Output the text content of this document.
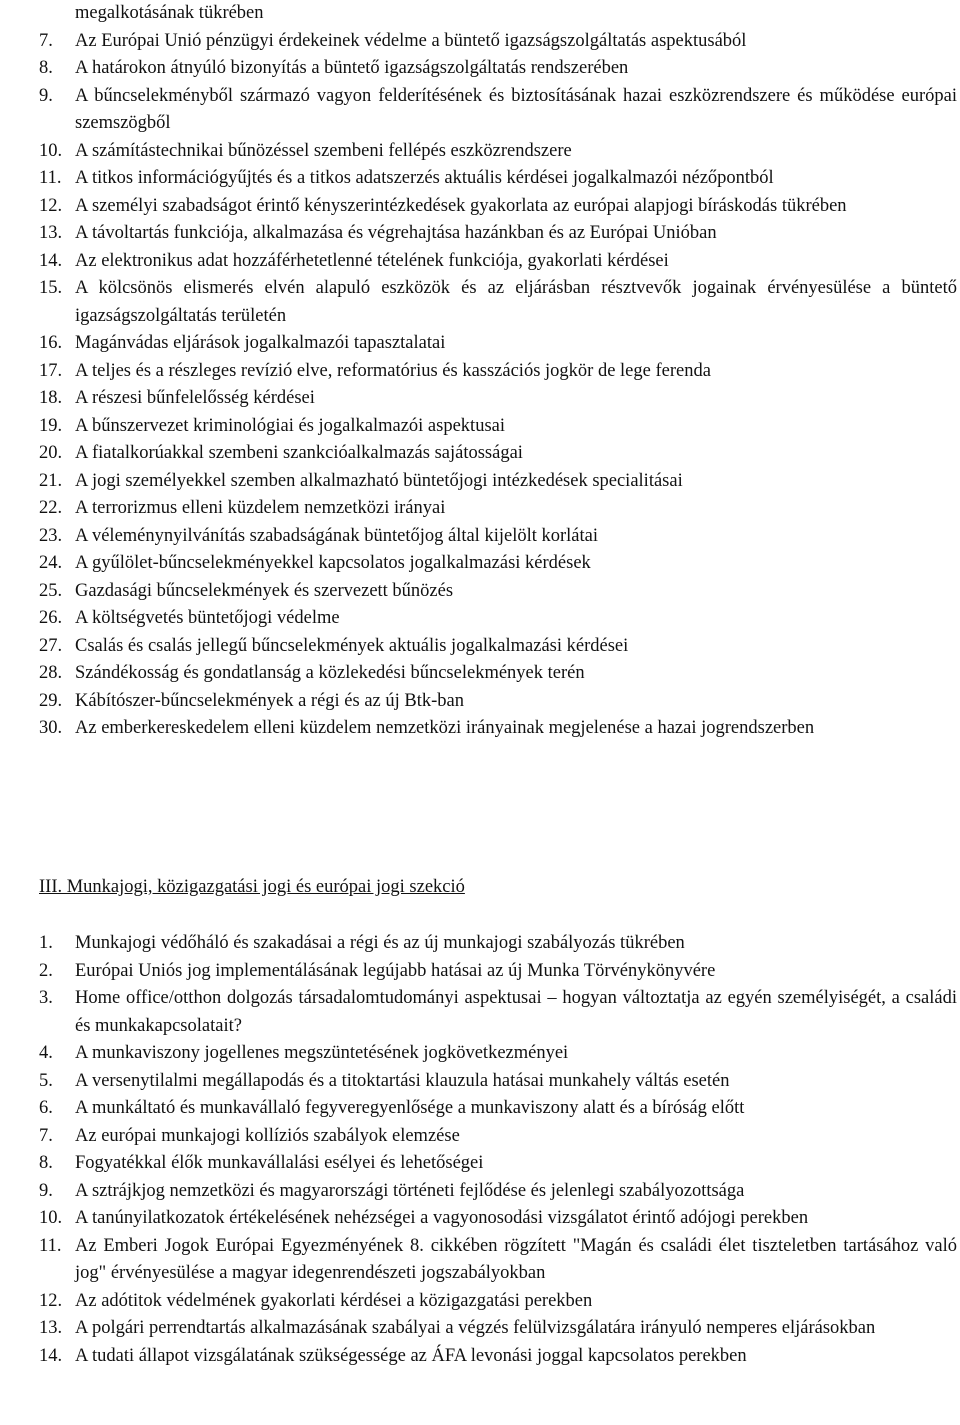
megalkotásának tükrében
7. Az Európai Unió pénzügyi érdekeinek védelme a büntető igazságszolgáltatás aspektusából
8. A határokon átnyúló bizonyítás a büntető igazságszolgáltatás rendszerében
9. A bűncselekményből származó vagyon felderítésének és biztosításának hazai eszközrendszere és működése európai szemszögből
10. A számítástechnikai bűnözéssel szembeni fellépés eszközrendszere
11. A titkos információgyűjtés és a titkos adatszerzés aktuális kérdései jogalkalmazói nézőpontból
12. A személyi szabadságot érintő kényszerintézkedések gyakorlata az európai alapjogi bíráskodás tükrében
13. A távoltartás funkciója, alkalmazása és végrehajtása hazánkban és az Európai Unióban
14. Az elektronikus adat hozzáférhetetlenné tételének funkciója, gyakorlati kérdései
15. A kölcsönös elismerés elvén alapuló eszközök és az eljárásban résztvevők jogainak érvényesülése a büntető igazságszolgáltatás területén
16. Magánvádas eljárások jogalkalmazói tapasztalatai
17. A teljes és a részleges revízió elve, reformatórius és kasszációs jogkör de lege ferenda
18. A részesi bűnfelelősség kérdései
19. A bűnszervezet kriminológiai és jogalkalmazói aspektusai
20. A fiatalkorúakkal szembeni szankcióalkalmazás sajátosságai
21. A jogi személyekkel szemben alkalmazható büntetőjogi intézkedések specialitásai
22. A terrorizmus elleni küzdelem nemzetközi irányai
23. A véleménynyilvánítás szabadságának büntetőjog által kijelölt korlátai
24. A gyűlölet-bűncselekményekkel kapcsolatos jogalkalmazási kérdések
25. Gazdasági bűncselekmények és szervezett bűnözés
26. A költségvetés büntetőjogi védelme
27. Csalás és csalás jellegű bűncselekmények aktuális jogalkalmazási kérdései
28. Szándékosság és gondatlanság a közlekedési bűncselekmények terén
29. Kábítószer-bűncselekmények a régi és az új Btk-ban
30. Az emberkereskedelem elleni küzdelem nemzetközi irányainak megjelenése a hazai jogrendszerben
III. Munkajogi, közigazgatási jogi és európai jogi szekció
1. Munkajogi védőháló és szakadásai a régi és az új munkajogi szabályozás tükrében
2. Európai Uniós jog implementálásának legújabb hatásai az új Munka Törvénykönyvére
3. Home office/otthon dolgozás társadalomtudományi aspektusai – hogyan változtatja az egyén személyiségét, a családi és munkakapcsolatait?
4. A munkaviszony jogellenes megszüntetésének jogkövetkezményei
5. A versenytilalmi megállapodás és a titoktartási klauzula hatásai munkahely váltás esetén
6. A munkáltató és munkavállaló fegyveregyenlősége a munkaviszony alatt és a bíróság előtt
7. Az európai munkajogi kollíziós szabályok elemzése
8. Fogyatékkal élők munkavállalási esélyei és lehetőségei
9. A sztrájkjog nemzetközi és magyarországi történeti fejlődése és jelenlegi szabályozottsága
10. A tanúnyilatkozatok értékelésének nehézségei a vagyonosodási vizsgálatot érintő adójogi perekben
11. Az Emberi Jogok Európai Egyezményének 8. cikkében rögzített "Magán és családi élet tiszteletben tartásához való jog" érvényesülése a magyar idegenrendészeti jogszabályokban
12. Az adótitok védelmének gyakorlati kérdései a közigazgatási perekben
13. A polgári perrendtartás alkalmazásának szabályai a végzés felülvizsgálatára irányuló nemperes eljárásokban
14. A tudati állapot vizsgálatának szükségessége az ÁFA levonási joggal kapcsolatos perekben
